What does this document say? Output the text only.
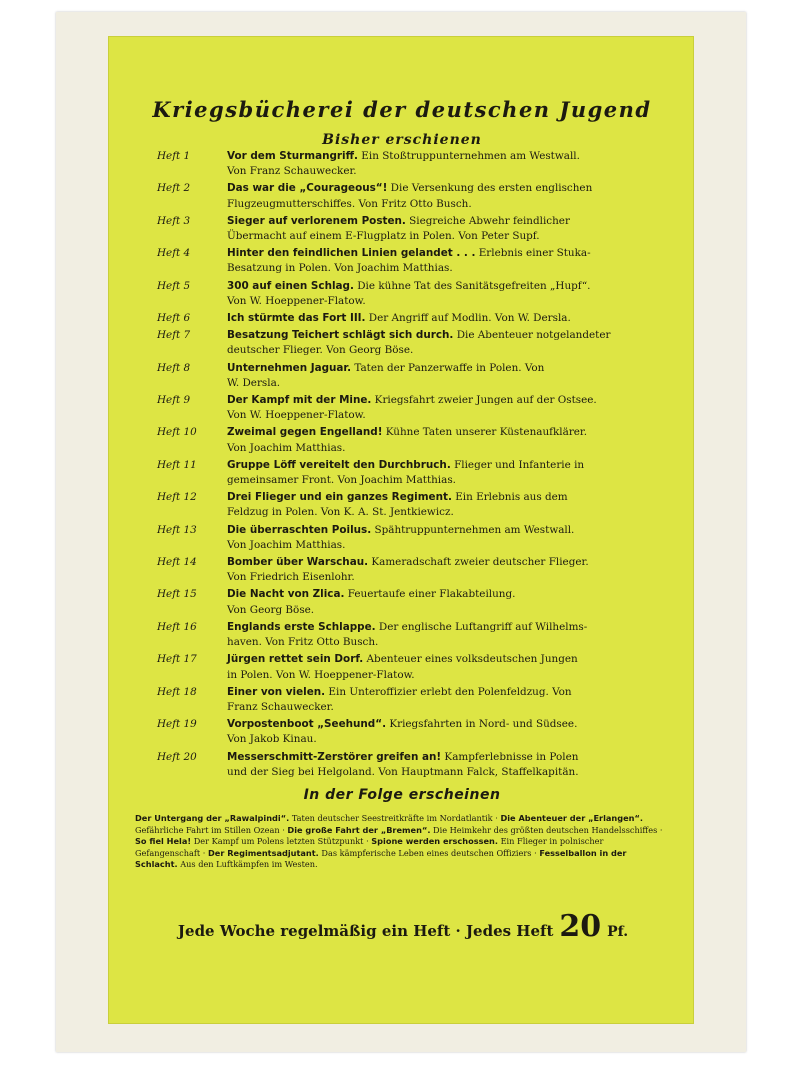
Kriegsbücherei der deutschen Jugend
Bisher erschienen
Heft 1	Vor dem Sturmangriff. Ein Stoßtruppunternehmen am Westwall.
Von Franz Schauwecker.
Heft 2	Das war die „Courageous“! Die Versenkung des ersten englischen
Flugzeugmutterschiffes. Von Fritz Otto Busch.
Heft 3	Sieger auf verlorenem Posten. Siegreiche Abwehr feindlicher
Übermacht auf einem E-Flugplatz in Polen. Von Peter Supf.
Heft 4	Hinter den feindlichen Linien gelandet . . . Erlebnis einer Stuka-
Besatzung in Polen. Von Joachim Matthias.
Heft 5	300 auf einen Schlag. Die kühne Tat des Sanitätsgefreiten „Hupf“.
Von W. Hoeppener-Flatow.
Heft 6	Ich stürmte das Fort III. Der Angriff auf Modlin. Von W. Dersla.
Heft 7	Besatzung Teichert schlägt sich durch. Die Abenteuer notgelandeter
deutscher Flieger. Von Georg Böse.
Heft 8	Unternehmen Jaguar. Taten der Panzerwaffe in Polen. Von
W. Dersla.
Heft 9	Der Kampf mit der Mine. Kriegsfahrt zweier Jungen auf der Ostsee.
Von W. Hoeppener-Flatow.
Heft 10	Zweimal gegen Engelland! Kühne Taten unserer Küstenaufklärer.
Von Joachim Matthias.
Heft 11	Gruppe Löff vereitelt den Durchbruch. Flieger und Infanterie in
gemeinsamer Front. Von Joachim Matthias.
Heft 12	Drei Flieger und ein ganzes Regiment. Ein Erlebnis aus dem
Feldzug in Polen. Von K. A. St. Jentkiewicz.
Heft 13	Die überraschten Poilus. Spähtruppunternehmen am Westwall.
Von Joachim Matthias.
Heft 14	Bomber über Warschau. Kameradschaft zweier deutscher Flieger.
Von Friedrich Eisenlohr.
Heft 15	Die Nacht von Zlica. Feuertaufe einer Flakabteilung.
Von Georg Böse.
Heft 16	Englands erste Schlappe. Der englische Luftangriff auf Wilhelms-
haven. Von Fritz Otto Busch.
Heft 17	Jürgen rettet sein Dorf. Abenteuer eines volksdeutschen Jungen
in Polen. Von W. Hoeppener-Flatow.
Heft 18	Einer von vielen. Ein Unteroffizier erlebt den Polenfeldzug. Von
Franz Schauwecker.
Heft 19	Vorpostenboot „Seehund“. Kriegsfahrten in Nord- und Südsee.
Von Jakob Kinau.
Heft 20	Messerschmitt-Zerstörer greifen an! Kampferlebnisse in Polen
und der Sieg bei Helgoland. Von Hauptmann Falck, Staffelkapitän.
In der Folge erscheinen
Der Untergang der „Rawalpindi“. Taten deutscher Seestreitkräfte im Nordatlantik · Die Abenteuer der „Erlangen“. Gefährliche Fahrt im Stillen Ozean · Die große Fahrt der „Bremen“. Die Heimkehr des größten deutschen Handelsschiffes · So fiel Hela! Der Kampf um Polens letzten Stützpunkt · Spione werden erschossen. Ein Flieger in polnischer Gefangenschaft · Der Regimentsadjutant. Das kämpferische Leben eines deutschen Offiziers · Fesselballon in der Schlacht. Aus den Luftkämpfen im Westen.
Jede Woche regelmäßig ein Heft · Jedes Heft 20 Pf.
